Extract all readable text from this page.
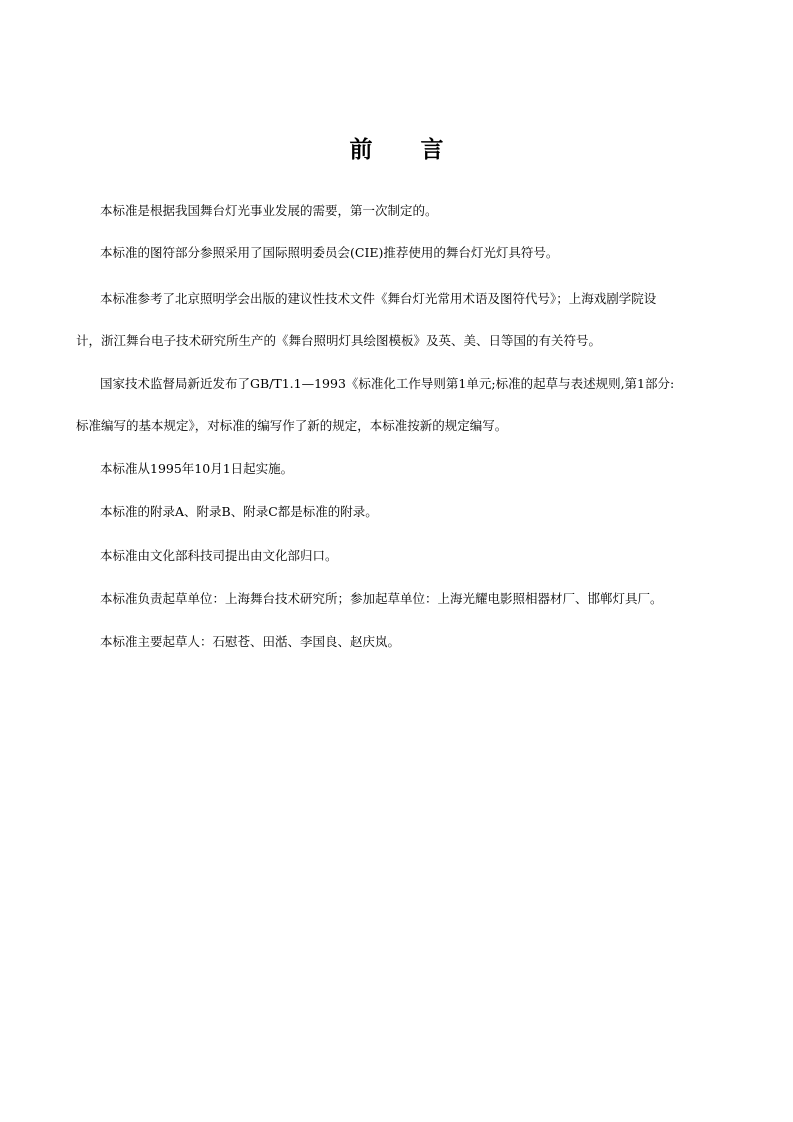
前 言
本标准是根据我国舞台灯光事业发展的需要，第一次制定的。
本标准的图符部分参照采用了国际照明委员会(CIE)推荐使用的舞台灯光灯具符号。
本标准参考了北京照明学会出版的建议性技术文件《舞台灯光常用术语及图符代号》；上海戏剧学院设
计，浙江舞台电子技术研究所生产的《舞台照明灯具绘图模板》及英、美、日等国的有关符号。
国家技术监督局新近发布了GB/T1.1—1993《标准化工作导则第1单元;标准的起草与表述规则,第1部分:
标准编写的基本规定》，对标准的编写作了新的规定，本标准按新的规定编写。
本标准从1995年10月1日起实施。
本标准的附录A、附录B、附录C都是标准的附录。
本标准由文化部科技司提出由文化部归口。
本标准负责起草单位：上海舞台技术研究所；参加起草单位：上海光耀电影照相器材厂、邯郸灯具厂。
本标准主要起草人：石慰苍、田湉、李国良、赵庆岚。
